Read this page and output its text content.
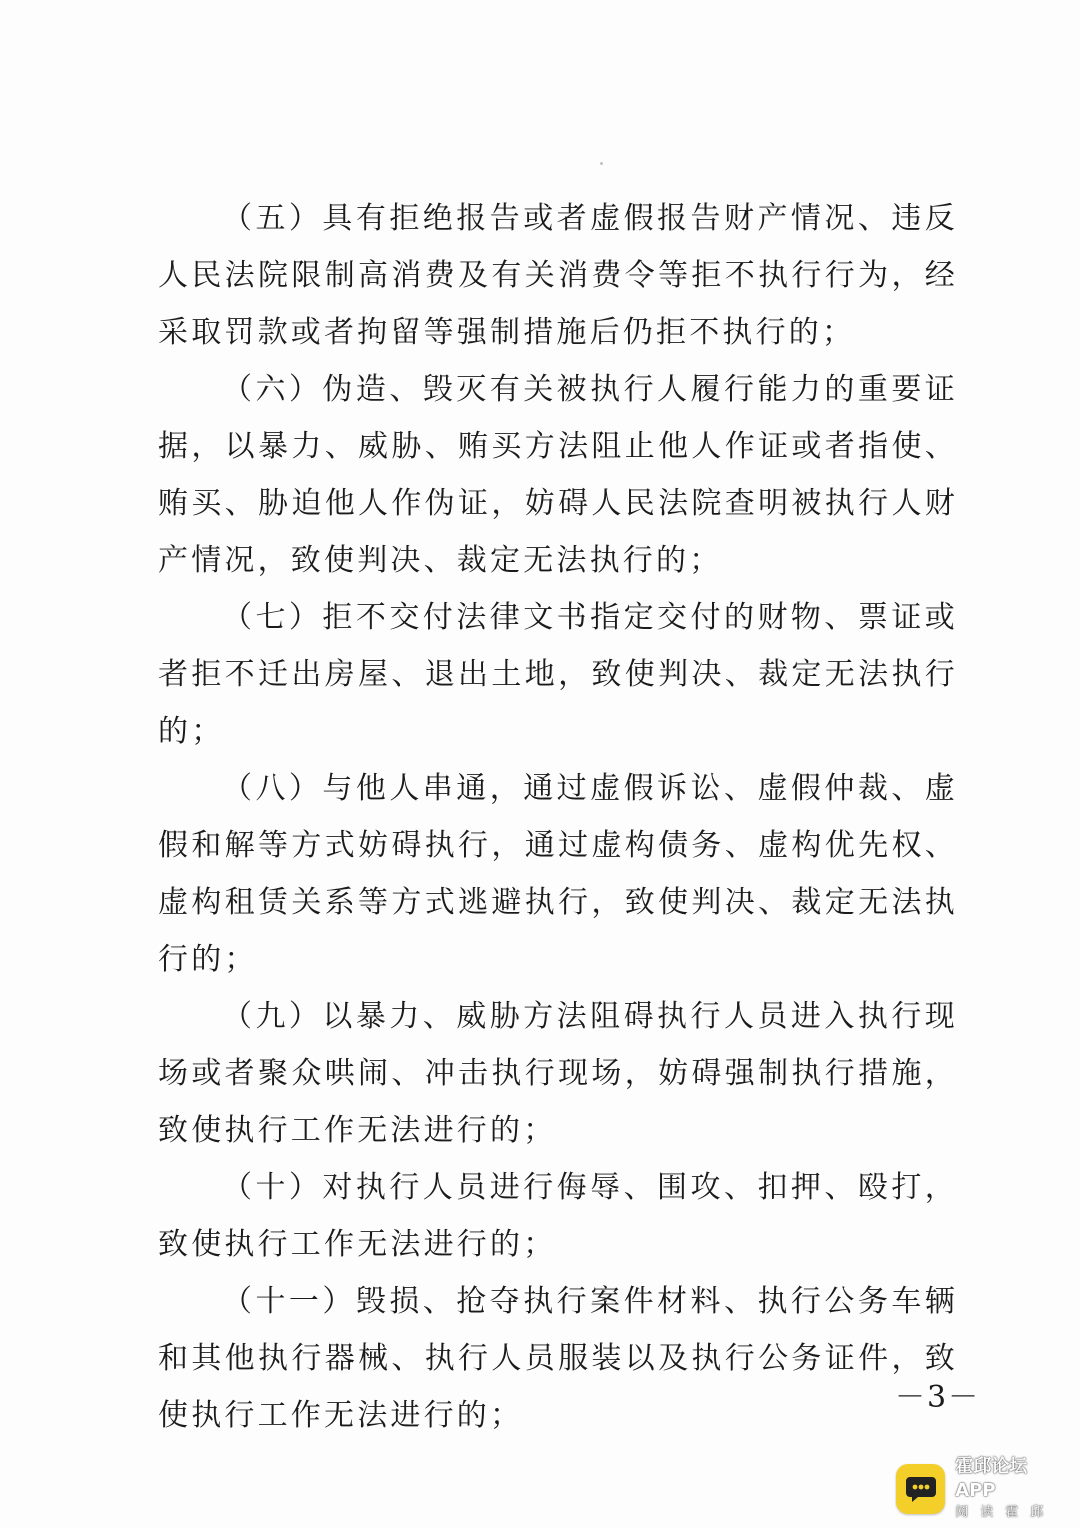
（五）具有拒绝报告或者虚假报告财产情况、违反人民法院限制高消费及有关消费令等拒不执行行为，经采取罚款或者拘留等强制措施后仍拒不执行的；

（六）伪造、毁灭有关被执行人履行能力的重要证据，以暴力、威胁、贿买方法阻止他人作证或者指使、贿买、胁迫他人作伪证，妨碍人民法院查明被执行人财产情况，致使判决、裁定无法执行的；

（七）拒不交付法律文书指定交付的财物、票证或者拒不迁出房屋、退出土地，致使判决、裁定无法执行的；

（八）与他人串通，通过虚假诉讼、虚假仲裁、虚假和解等方式妨碍执行，通过虚构债务、虚构优先权、虚构租赁关系等方式逃避执行，致使判决、裁定无法执行的；

（九）以暴力、威胁方法阻碍执行人员进入执行现场或者聚众哄闹、冲击执行现场，妨碍强制执行措施，致使执行工作无法进行的；

（十）对执行人员进行侮辱、围攻、扣押、殴打，致使执行工作无法进行的；

（十一）毁损、抢夺执行案件材料、执行公务车辆和其他执行器械、执行人员服装以及执行公务证件，致使执行工作无法进行的；

－3－
霍邱论坛APP
阅读霍邱
